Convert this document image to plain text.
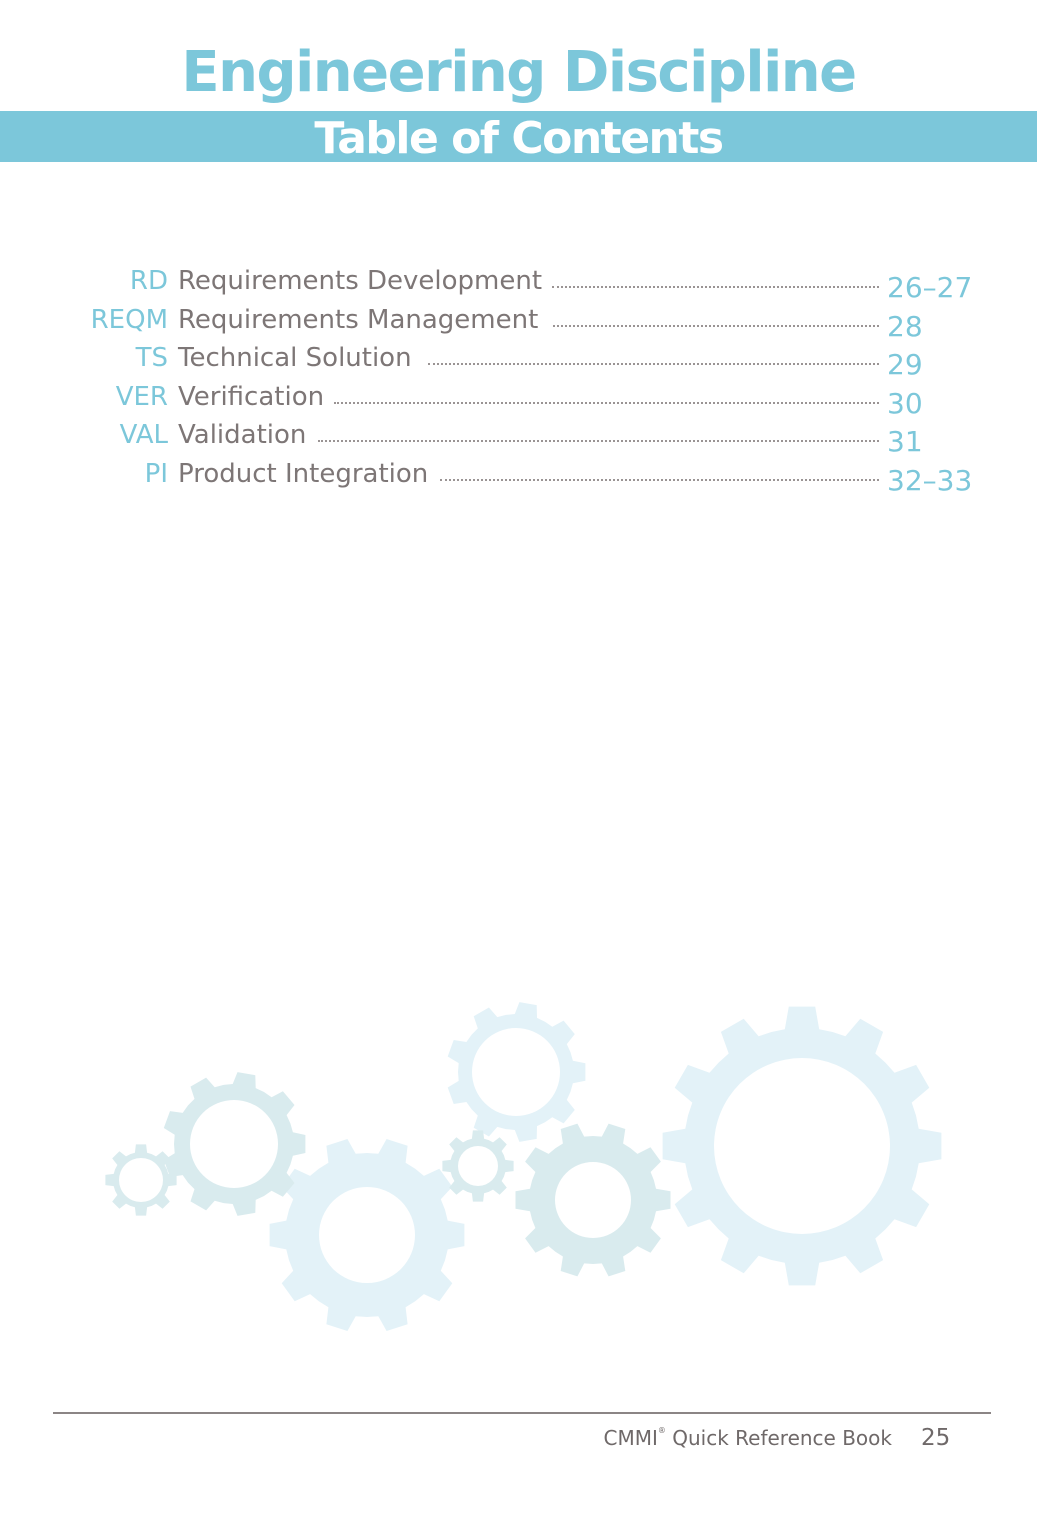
Engineering Discipline
Table of Contents
RD Requirements Development	26–27
REQM Requirements Management	28
TS Technical Solution	29
VER Verification	30
VAL Validation	31
PI Product Integration	32–33
CMMI® Quick Reference Book 25
